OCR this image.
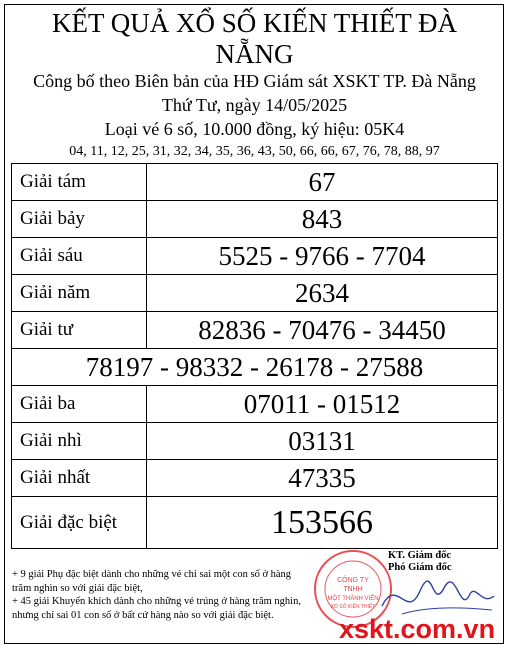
KẾT QUẢ XỔ SỐ KIẾN THIẾT ĐÀ
NẴNG
Công bố theo Biên bản của HĐ Giám sát XSKT TP. Đà Nẵng
Thứ Tư, ngày 14/05/2025
Loại vé 6 số, 10.000 đồng, ký hiệu: 05K4
04, 11, 12, 25, 31, 32, 34, 35, 36, 43, 50, 66, 66, 67, 76, 78, 88, 97
Giải tám	67
Giải bảy	843
Giải sáu	5525 - 9766 - 7704
Giải năm	2634
Giải tư	82836 - 70476 - 34450
78197 - 98332 - 26178 - 27588	
Giải ba	07011 - 01512
Giải nhì	03131
Giải nhất	47335
Giải đặc biệt	153566
+ 9 giải Phụ đặc biệt dành cho những vé chỉ sai một con số ở hàng trăm nghìn so với giải đặc biệt,
+ 45 giải Khuyến khích dành cho những vé trúng ở hàng trăm nghìn, nhưng chỉ sai 01 con số ở bất cứ hàng nào so với giải đặc biệt.
CÔNG TY
TNHH
MỘT THÀNH VIÊN
XỔ SỐ KIẾN THIẾT
KT. Giám đốc
Phó Giám đốc
xskt.com.vn
